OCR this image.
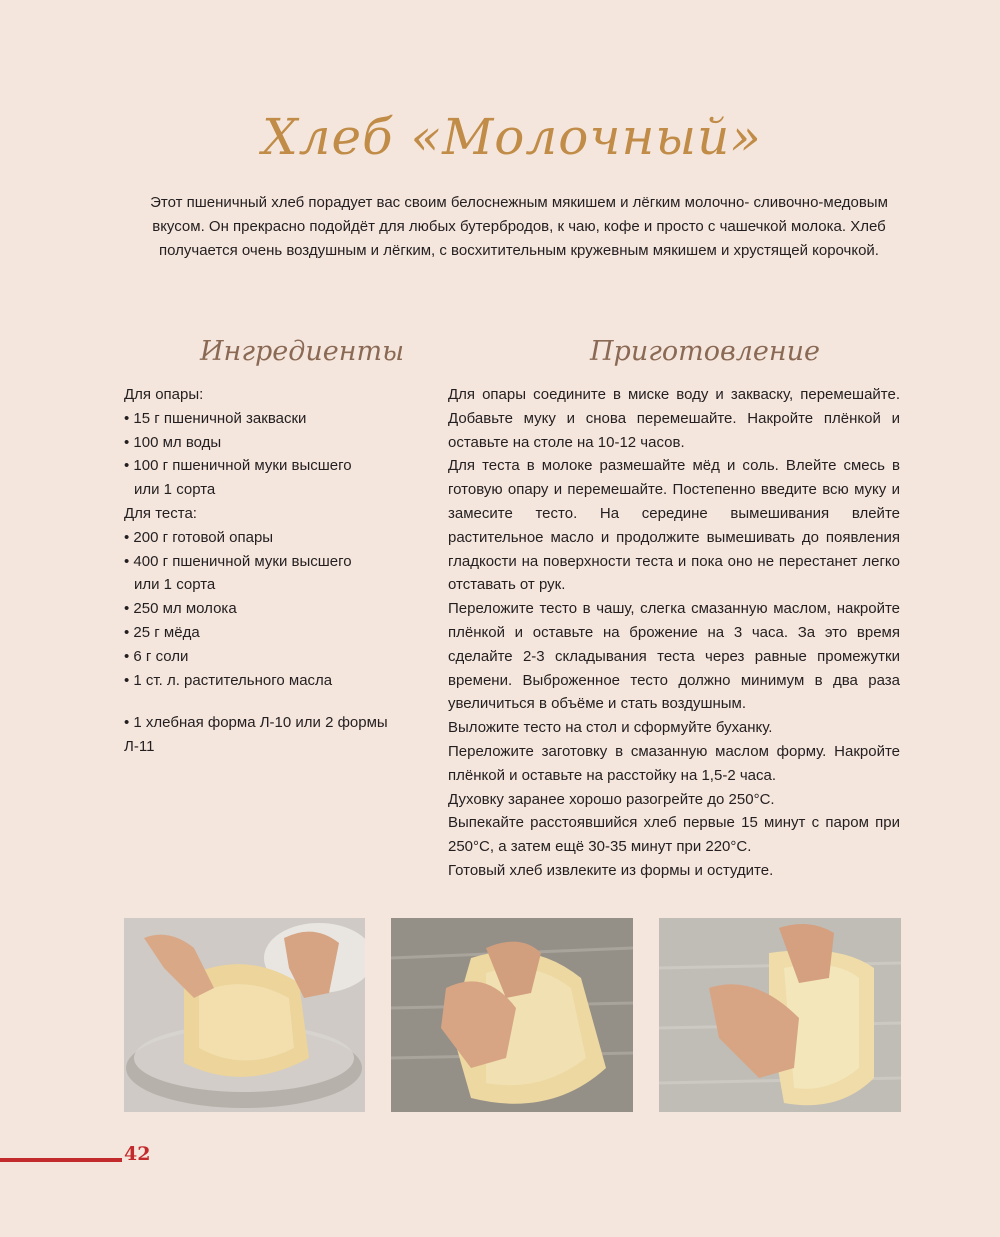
Хлеб «Молочный»
Этот пшеничный хлеб порадует вас своим белоснежным мякишем и лёгким молочно- сливочно-медовым вкусом. Он прекрасно подойдёт для любых бутербродов, к чаю, кофе и просто с чашечкой молока. Хлеб получается очень воздушным и лёгким, с восхитительным кружевным мякишем и хрустящей корочкой.
Ингредиенты	Приготовление
Для опары:
• 15 г пшеничной закваски
• 100 мл воды
• 100 г пшеничной муки высшего
или 1 сорта
Для теста:
• 200 г готовой опары
• 400 г пшеничной муки высшего
или 1 сорта
• 250 мл молока
• 25 г мёда
• 6 г соли
• 1 ст. л. растительного масла
• 1 хлебная форма Л-10 или 2 формы
Л-11

Для опары соедините в миске воду и закваску, перемешайте. Добавьте муку и снова перемешайте. Накройте плёнкой и оставьте на столе на 10-12 часов.

Для теста в молоке размешайте мёд и соль. Влейте смесь в готовую опару и перемешайте. Постепенно введите всю муку и замесите тесто. На середине вымешивания влейте растительное масло и продолжите вымешивать до появления гладкости на поверхности теста и пока оно не перестанет легко отставать от рук.

Переложите тесто в чашу, слегка смазанную маслом, накройте плёнкой и оставьте на брожение на 3 часа. За это время сделайте 2-3 складывания теста через равные промежутки времени. Выброженное тесто должно минимум в два раза увеличиться в объёме и стать воздушным.

Выложите тесто на стол и сформуйте буханку.

Переложите заготовку в смазанную маслом форму. Накройте плёнкой и оставьте на расстойку на 1,5-2 часа.

Духовку заранее хорошо разогрейте до 250°С.

Выпекайте расстоявшийся хлеб первые 15 минут с паром при 250°С, а затем ещё 30-35 минут при 220°С.

Готовый хлеб извлеките из формы и остудите.

42
